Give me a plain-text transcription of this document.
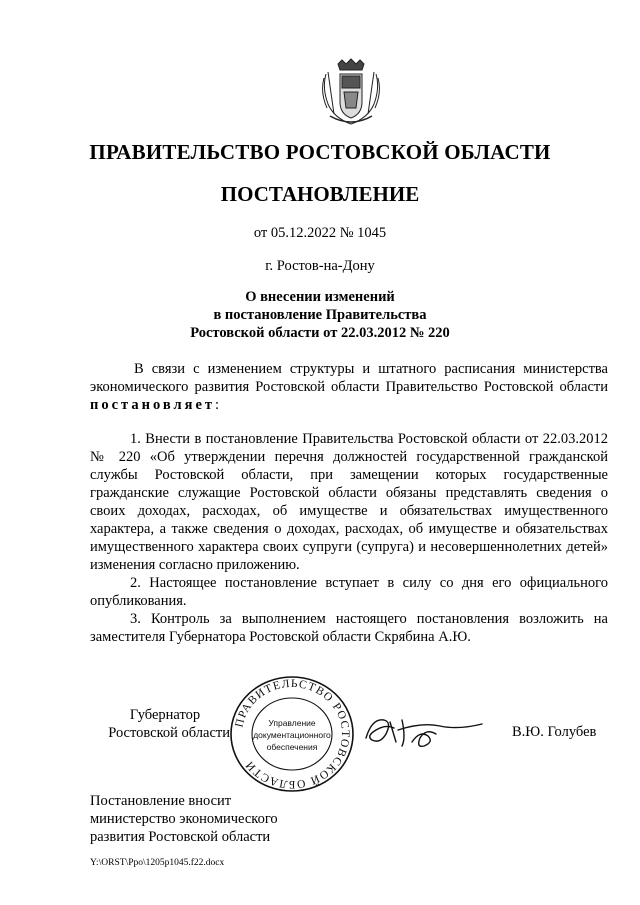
ПРАВИТЕЛЬСТВО РОСТОВСКОЙ ОБЛАСТИ
ПОСТАНОВЛЕНИЕ
от 05.12.2022 № 1045
г. Ростов-на-Дону
О внесении изменений
в постановление Правительства
Ростовской области от 22.03.2012 № 220
В связи с изменением структуры и штатного расписания министерства экономического развития Ростовской области Правительство Ростовской области постановляет:

1. Внести в постановление Правительства Ростовской области от 22.03.2012 № 220 «Об утверждении перечня должностей государственной гражданской службы Ростовской области, при замещении которых государственные гражданские служащие Ростовской области обязаны представлять сведения о своих доходах, расходах, об имуществе и обязательствах имущественного характера, а также сведения о доходах, расходах, об имуществе и обязательствах имущественного характера своих супруги (супруга) и несовершеннолетних детей» изменения согласно приложению.

2. Настоящее постановление вступает в силу со дня его официального опубликования.

3. Контроль за выполнением настоящего постановления возложить на заместителя Губернатора Ростовской области Скрябина А.Ю.

Губернатор
Ростовской области
ПРАВИТЕЛЬСТВО РОСТОВСКОЙ ОБЛАСТИ
Управление
документационного
обеспечения
В.Ю. Голубев
Постановление вносит
министерство экономического
развития Ростовской области
Y:\ORST\Ppo\1205p1045.f22.docx
